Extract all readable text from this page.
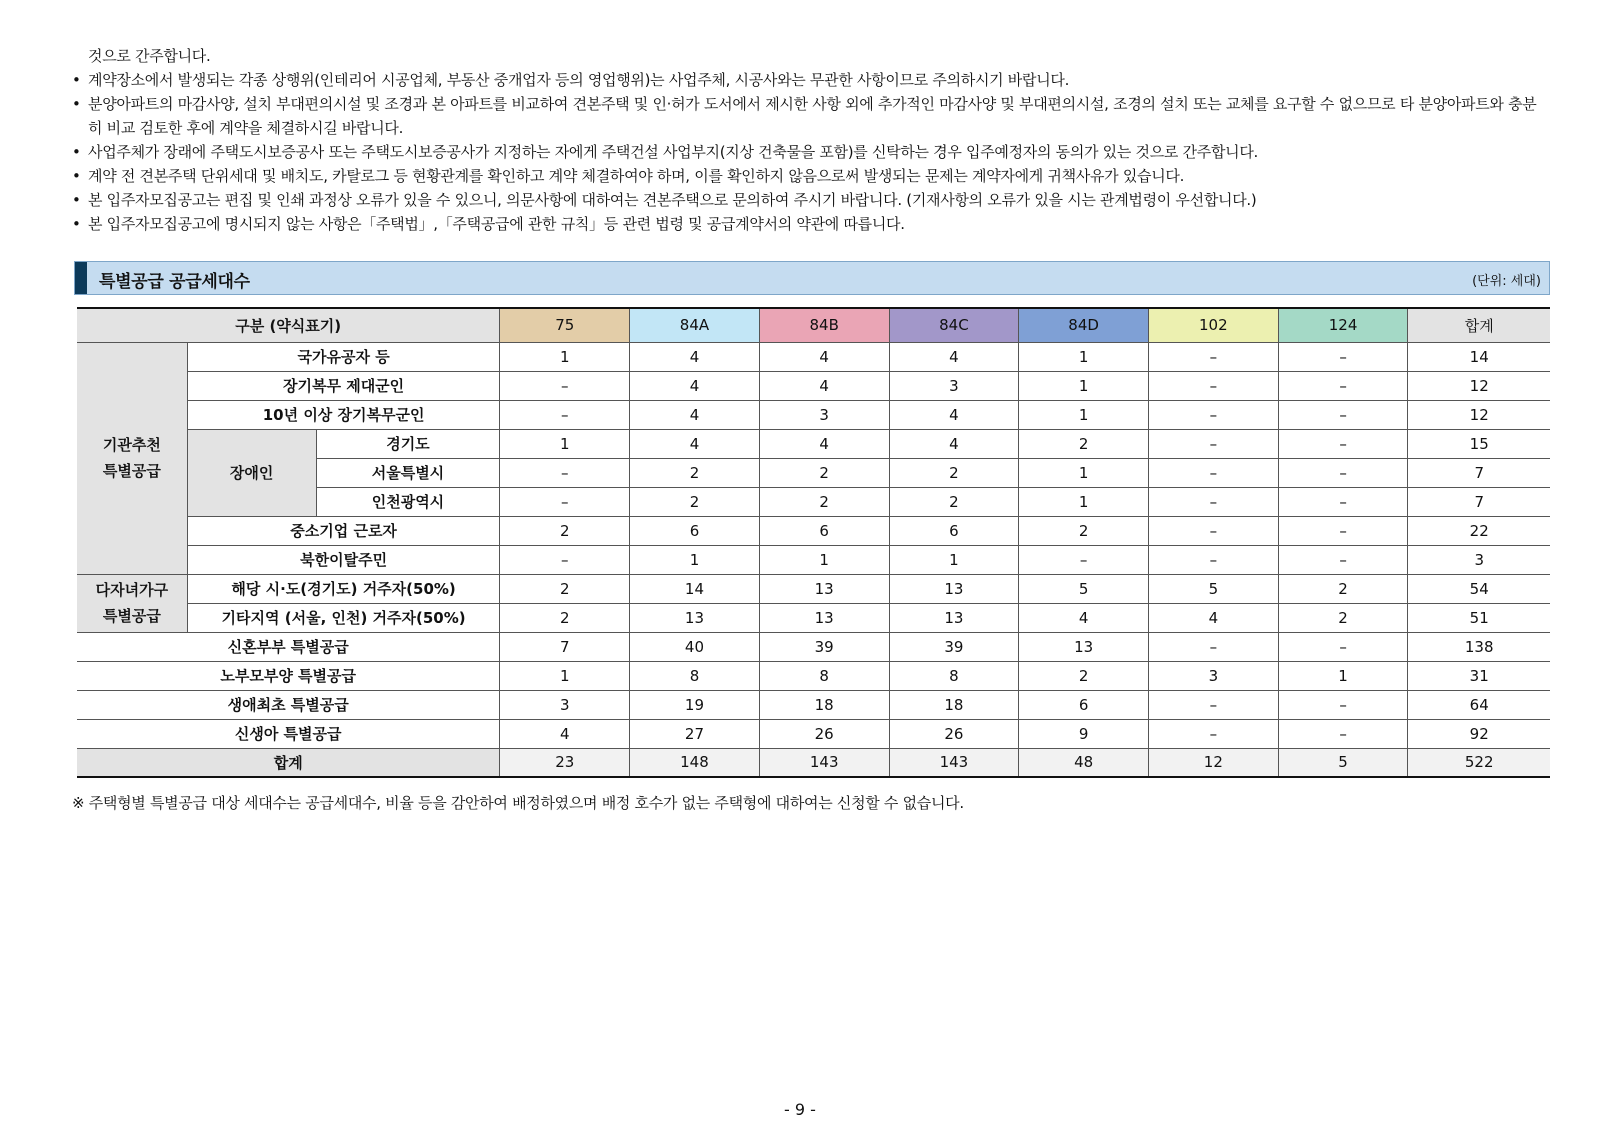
것으로 간주합니다.
• 계약장소에서 발생되는 각종 상행위(인테리어 시공업체, 부동산 중개업자 등의 영업행위)는 사업주체, 시공사와는 무관한 사항이므로 주의하시기 바랍니다.
• 분양아파트의 마감사양, 설치 부대편의시설 및 조경과 본 아파트를 비교하여 견본주택 및 인·허가 도서에서 제시한 사항 외에 추가적인 마감사양 및 부대편의시설, 조경의 설치 또는 교체를 요구할 수 없으므로 타 분양아파트와 충분히 비교 검토한 후에 계약을 체결하시길 바랍니다.
• 사업주체가 장래에 주택도시보증공사 또는 주택도시보증공사가 지정하는 자에게 주택건설 사업부지(지상 건축물을 포함)를 신탁하는 경우 입주예정자의 동의가 있는 것으로 간주합니다.
• 계약 전 견본주택 단위세대 및 배치도, 카탈로그 등 현황관계를 확인하고 계약 체결하여야 하며, 이를 확인하지 않음으로써 발생되는 문제는 계약자에게 귀책사유가 있습니다.
• 본 입주자모집공고는 편집 및 인쇄 과정상 오류가 있을 수 있으니, 의문사항에 대하여는 견본주택으로 문의하여 주시기 바랍니다. (기재사항의 오류가 있을 시는 관계법령이 우선합니다.)
• 본 입주자모집공고에 명시되지 않는 사항은「주택법」,「주택공급에 관한 규칙」등 관련 법령 및 공급계약서의 약관에 따릅니다.
특별공급 공급세대수	(단위: 세대)
구분 (약식표기)			75	84A	84B	84C	84D	102	124	합계
기관추천
특별공급	국가유공자 등		1	4	4	4	1	–	–	14
	장기복무 제대군인		–	4	4	3	1	–	–	12
	10년 이상 장기복무군인		–	4	3	4	1	–	–	12
	장애인	경기도	1	4	4	4	2	–	–	15
		서울특별시	–	2	2	2	1	–	–	7
		인천광역시	–	2	2	2	1	–	–	7
	중소기업 근로자		2	6	6	6	2	–	–	22
	북한이탈주민		–	1	1	1	–	–	–	3
다자녀가구
특별공급	해당 시·도(경기도) 거주자(50%)		2	14	13	13	5	5	2	54
	기타지역 (서울, 인천) 거주자(50%)		2	13	13	13	4	4	2	51
신혼부부 특별공급			7	40	39	39	13	–	–	138
노부모부양 특별공급			1	8	8	8	2	3	1	31
생애최초 특별공급			3	19	18	18	6	–	–	64
신생아 특별공급			4	27	26	26	9	–	–	92
합계			23	148	143	143	48	12	5	522
※ 주택형별 특별공급 대상 세대수는 공급세대수, 비율 등을 감안하여 배정하였으며 배정 호수가 없는 주택형에 대하여는 신청할 수 없습니다.
- 9 -
